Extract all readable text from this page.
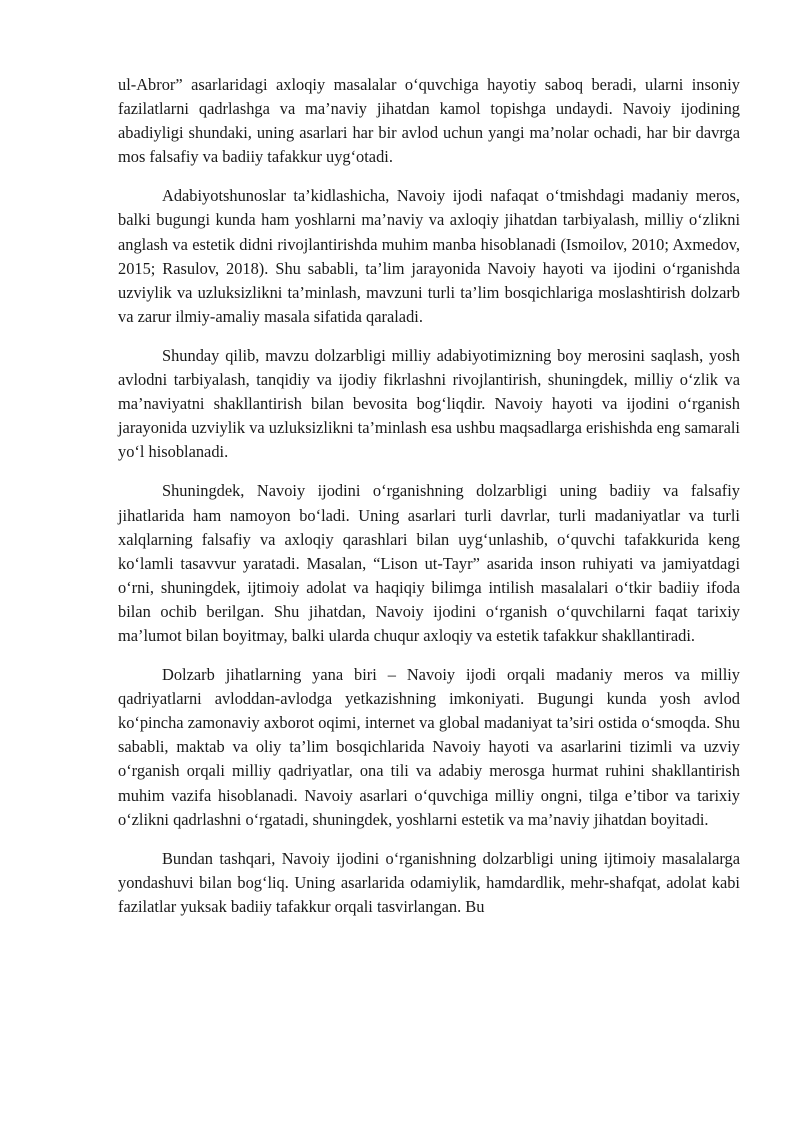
ul-Abror” asarlaridagi axloqiy masalalar o‘quvchiga hayotiy saboq beradi, ularni insoniy fazilatlarni qadrlashga va ma’naviy jihatdan kamol topishga undaydi. Navoiy ijodining abadiyligi shundaki, uning asarlari har bir avlod uchun yangi ma’nolar ochadi, har bir davrga mos falsafiy va badiiy tafakkur uyg‘otadi.

Adabiyotshunoslar ta’kidlashicha, Navoiy ijodi nafaqat o‘tmishdagi madaniy meros, balki bugungi kunda ham yoshlarni ma’naviy va axloqiy jihatdan tarbiyalash, milliy o‘zlikni anglash va estetik didni rivojlantirishda muhim manba hisoblanadi (Ismoilov, 2010; Axmedov, 2015; Rasulov, 2018). Shu sababli, ta’lim jarayonida Navoiy hayoti va ijodini o‘rganishda uzviylik va uzluksizlikni ta’minlash, mavzuni turli ta’lim bosqichlariga moslashtirish dolzarb va zarur ilmiy-amaliy masala sifatida qaraladi.

Shunday qilib, mavzu dolzarbligi milliy adabiyotimizning boy merosini saqlash, yosh avlodni tarbiyalash, tanqidiy va ijodiy fikrlashni rivojlantirish, shuningdek, milliy o‘zlik va ma’naviyatni shakllantirish bilan bevosita bog‘liqdir. Navoiy hayoti va ijodini o‘rganish jarayonida uzviylik va uzluksizlikni ta’minlash esa ushbu maqsadlarga erishishda eng samarali yo‘l hisoblanadi.

Shuningdek, Navoiy ijodini o‘rganishning dolzarbligi uning badiiy va falsafiy jihatlarida ham namoyon bo‘ladi. Uning asarlari turli davrlar, turli madaniyatlar va turli xalqlarning falsafiy va axloqiy qarashlari bilan uyg‘unlashib, o‘quvchi tafakkurida keng ko‘lamli tasavvur yaratadi. Masalan, “Lison ut-Tayr” asarida inson ruhiyati va jamiyatdagi o‘rni, shuningdek, ijtimoiy adolat va haqiqiy bilimga intilish masalalari o‘tkir badiiy ifoda bilan ochib berilgan. Shu jihatdan, Navoiy ijodini o‘rganish o‘quvchilarni faqat tarixiy ma’lumot bilan boyitmay, balki ularda chuqur axloqiy va estetik tafakkur shakllantiradi.

Dolzarb jihatlarning yana biri – Navoiy ijodi orqali madaniy meros va milliy qadriyatlarni avloddan-avlodga yetkazishning imkoniyati. Bugungi kunda yosh avlod ko‘pincha zamonaviy axborot oqimi, internet va global madaniyat ta’siri ostida o‘smoqda. Shu sababli, maktab va oliy ta’lim bosqichlarida Navoiy hayoti va asarlarini tizimli va uzviy o‘rganish orqali milliy qadriyatlar, ona tili va adabiy merosga hurmat ruhini shakllantirish muhim vazifa hisoblanadi. Navoiy asarlari o‘quvchiga milliy ongni, tilga e’tibor va tarixiy o‘zlikni qadrlashni o‘rgatadi, shuningdek, yoshlarni estetik va ma’naviy jihatdan boyitadi.

Bundan tashqari, Navoiy ijodini o‘rganishning dolzarbligi uning ijtimoiy masalalarga yondashuvi bilan bog‘liq. Uning asarlarida odamiylik, hamdardlik, mehr-shafqat, adolat kabi fazilatlar yuksak badiiy tafakkur orqali tasvirlangan. Bu
